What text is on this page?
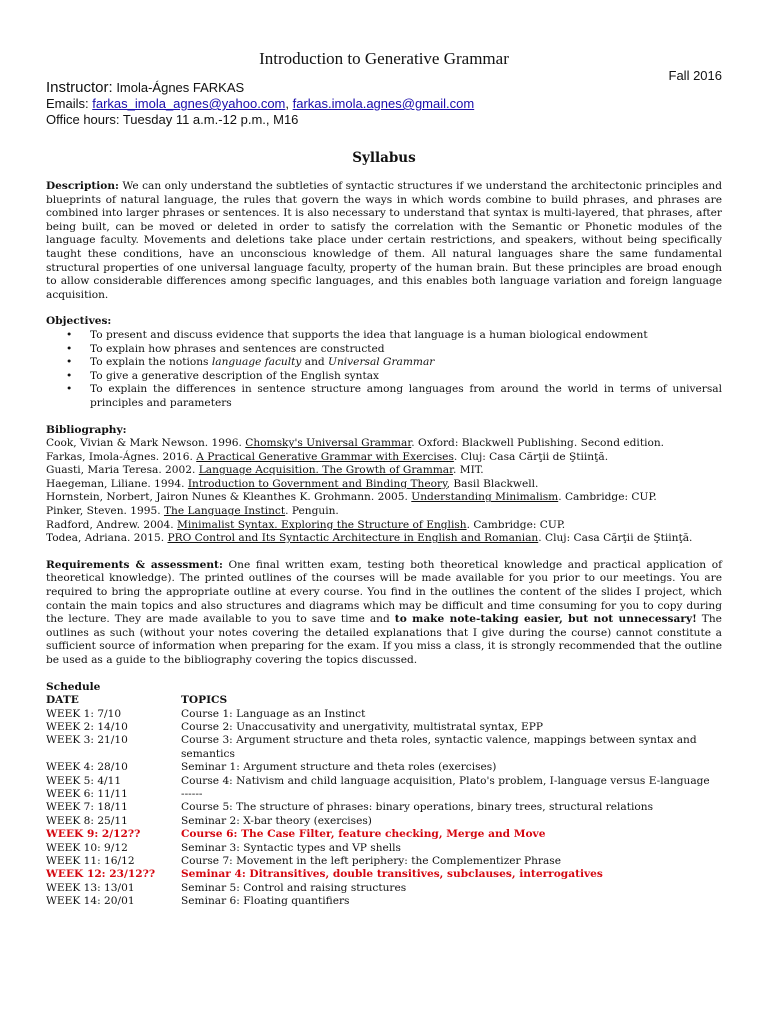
Introduction to Generative Grammar
Fall 2016
Instructor: Imola-Ágnes FARKAS
Emails: farkas_imola_agnes@yahoo.com, farkas.imola.agnes@gmail.com
Office hours: Tuesday 11 a.m.-12 p.m., M16
Syllabus
Description: We can only understand the subtleties of syntactic structures if we understand the architectonic principles and blueprints of natural language, the rules that govern the ways in which words combine to build phrases, and phrases are combined into larger phrases or sentences. It is also necessary to understand that syntax is multi-layered, that phrases, after being built, can be moved or deleted in order to satisfy the correlation with the Semantic or Phonetic modules of the language faculty. Movements and deletions take place under certain restrictions, and speakers, without being specifically taught these conditions, have an unconscious knowledge of them. All natural languages share the same fundamental structural properties of one universal language faculty, property of the human brain. But these principles are broad enough to allow considerable differences among specific languages, and this enables both language variation and foreign language acquisition.
Objectives:
• To present and discuss evidence that supports the idea that language is a human biological endowment
• To explain how phrases and sentences are constructed
• To explain the notions language faculty and Universal Grammar
• To give a generative description of the English syntax
• To explain the differences in sentence structure among languages from around the world in terms of universal principles and parameters
Bibliography:
Cook, Vivian & Mark Newson. 1996. Chomsky's Universal Grammar. Oxford: Blackwell Publishing. Second edition.
Farkas, Imola-Ágnes. 2016. A Practical Generative Grammar with Exercises. Cluj: Casa Cărţii de Ştiinţă.
Guasti, Maria Teresa. 2002. Language Acquisition. The Growth of Grammar. MIT.
Haegeman, Liliane. 1994. Introduction to Government and Binding Theory, Basil Blackwell.
Hornstein, Norbert, Jairon Nunes & Kleanthes K. Grohmann. 2005. Understanding Minimalism. Cambridge: CUP.
Pinker, Steven. 1995. The Language Instinct. Penguin.
Radford, Andrew. 2004. Minimalist Syntax. Exploring the Structure of English. Cambridge: CUP.
Todea, Adriana. 2015. PRO Control and Its Syntactic Architecture in English and Romanian. Cluj: Casa Cărţii de Ştiinţă.
Requirements & assessment: One final written exam, testing both theoretical knowledge and practical application of theoretical knowledge). The printed outlines of the courses will be made available for you prior to our meetings. You are required to bring the appropriate outline at every course. You find in the outlines the content of the slides I project, which contain the main topics and also structures and diagrams which may be difficult and time consuming for you to copy during the lecture. They are made available to you to save time and to make note-taking easier, but not unnecessary! The outlines as such (without your notes covering the detailed explanations that I give during the course) cannot constitute a sufficient source of information when preparing for the exam. If you miss a class, it is strongly recommended that the outline be used as a guide to the bibliography covering the topics discussed.
Schedule
DATE	TOPICS
WEEK 1: 7/10	Course 1: Language as an Instinct
WEEK 2: 14/10	Course 2: Unaccusativity and unergativity, multistratal syntax, EPP
WEEK 3: 21/10	Course 3: Argument structure and theta roles, syntactic valence, mappings between syntax and semantics
WEEK 4: 28/10	Seminar 1: Argument structure and theta roles (exercises)
WEEK 5: 4/11	Course 4: Nativism and child language acquisition, Plato's problem, I-language versus E-language
WEEK 6: 11/11	------
WEEK 7: 18/11	Course 5: The structure of phrases: binary operations, binary trees, structural relations
WEEK 8: 25/11	Seminar 2: X-bar theory (exercises)
WEEK 9: 2/12??	Course 6: The Case Filter, feature checking, Merge and Move
WEEK 10: 9/12	Seminar 3: Syntactic types and VP shells
WEEK 11: 16/12	Course 7: Movement in the left periphery: the Complementizer Phrase
WEEK 12: 23/12??	Seminar 4: Ditransitives, double transitives, subclauses, interrogatives
WEEK 13: 13/01	Seminar 5: Control and raising structures
WEEK 14: 20/01	Seminar 6: Floating quantifiers
